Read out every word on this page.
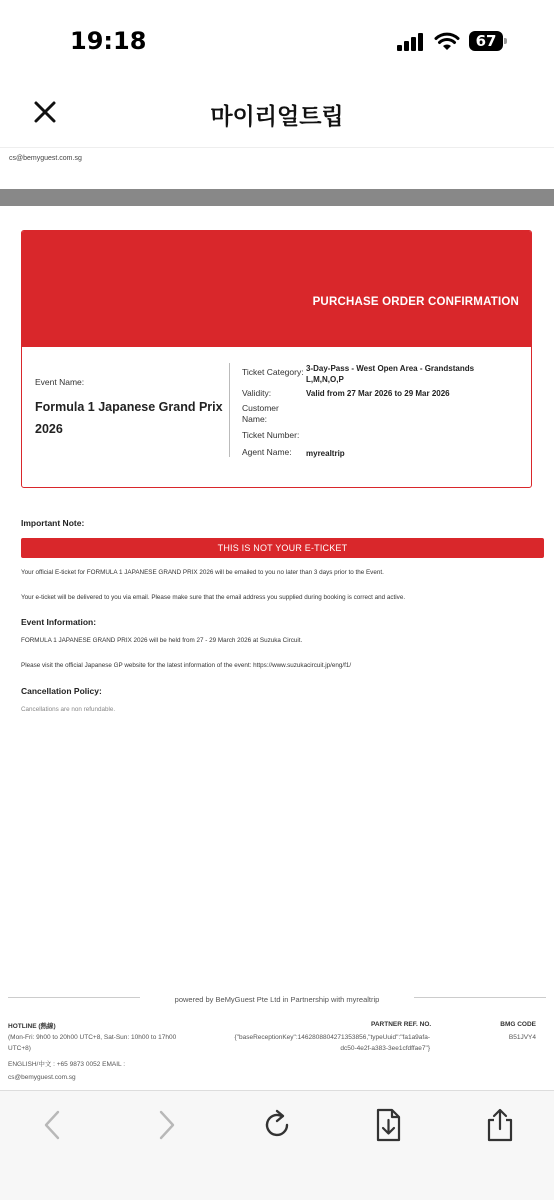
19:18	67
마이리얼트립
cs@bemyguest.com.sg
PURCHASE ORDER CONFIRMATION
Event Name:
Formula 1 Japanese Grand Prix 2026
Ticket Category: 3-Day-Pass - West Open Area - Grandstands L,M,N,O,P
Validity:	Valid from 27 Mar 2026 to 29 Mar 2026
Customer Name:
Ticket Number:
Agent Name: myrealtrip
Important Note:
THIS IS NOT YOUR E-TICKET
Your official E-ticket for FORMULA 1 JAPANESE GRAND PRIX 2026 will be emailed to you no later than 3 days prior to the Event.
Your e-ticket will be delivered to you via email. Please make sure that the email address you supplied during booking is correct and active.
Event Information:
FORMULA 1 JAPANESE GRAND PRIX 2026 will be held from 27 - 29 March 2026 at Suzuka Circuit.
Please visit the official Japanese GP website for the latest information of the event: https://www.suzukacircuit.jp/eng/f1/
Cancellation Policy:
Cancellations are non refundable.
powered by BeMyGuest Pte Ltd in Partnership with myrealtrip
HOTLINE (熱線)
(Mon-Fri: 9h00 to 20h00 UTC+8, Sat-Sun: 10h00 to 17h00
UTC+8)
ENGLISH/中文 : +65 9873 0052 EMAIL :
cs@bemyguest.com.sg
PARTNER REF. NO.
{"baseReceptionKey":1462808804271353856,"typeUuid":"fa1a9afa-
dc50-4e2f-a383-3ee1cfdffae7"}
BMG CODE
B51JVY4
